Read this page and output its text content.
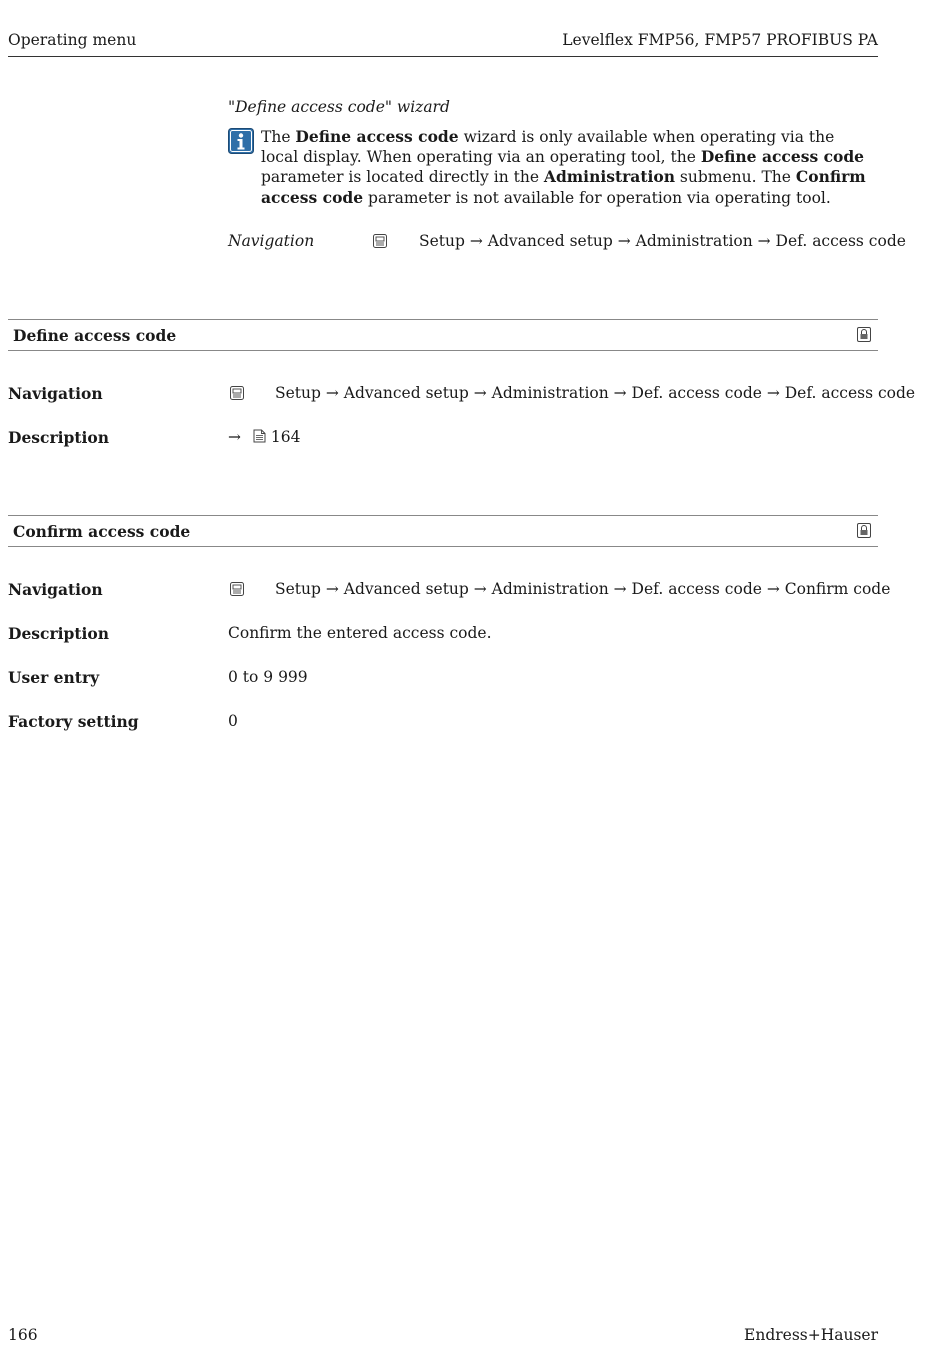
Operating menu	Levelflex FMP56, FMP57 PROFIBUS PA
"Define access code" wizard
The Define access code wizard is only available when operating via the local display. When operating via an operating tool, the Define access code parameter is located directly in the Administration submenu. The Confirm access code parameter is not available for operation via operating tool.
Navigation	Setup → Advanced setup → Administration → Def. access code
Define access code
Navigation	Setup → Advanced setup → Administration → Def. access code → Def. access code
Description	→ 164
Confirm access code
Navigation	Setup → Advanced setup → Administration → Def. access code → Confirm code
Description	Confirm the entered access code.
User entry	0 to 9 999
Factory setting	0
166	Endress+Hauser
